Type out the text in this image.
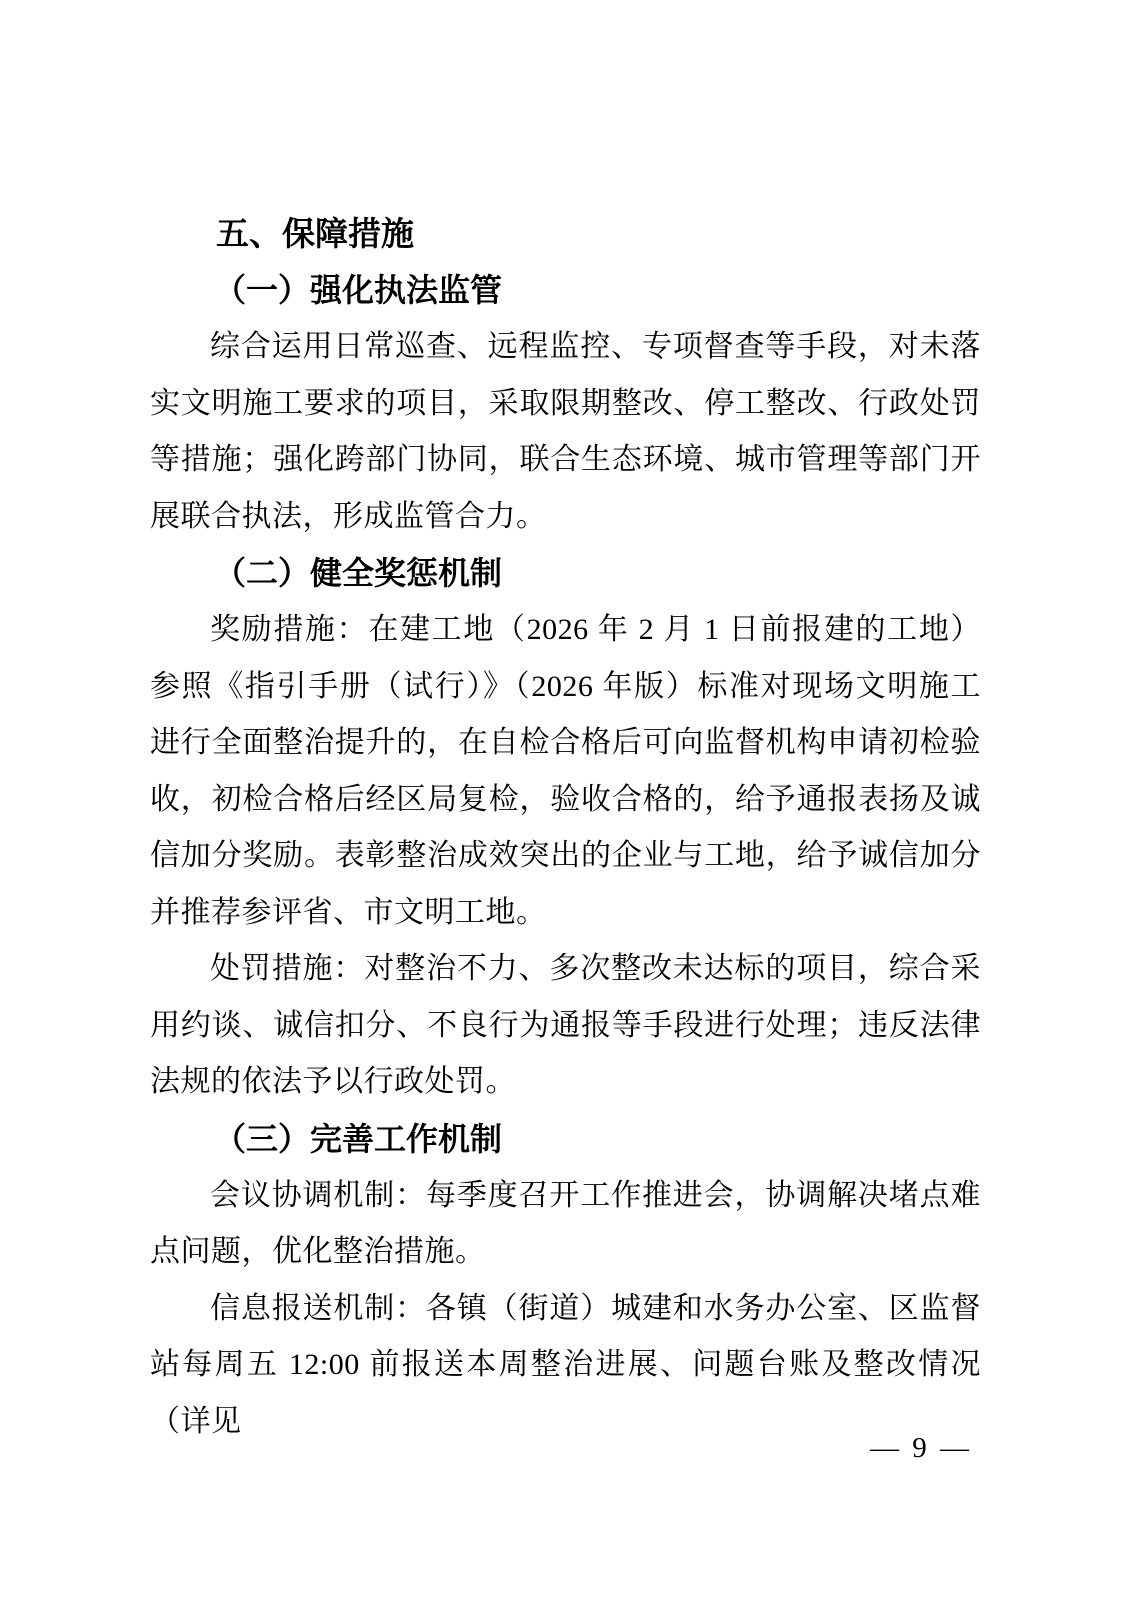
五、保障措施
（一）强化执法监管

综合运用日常巡查、远程监控、专项督查等手段，对未落实文明施工要求的项目，采取限期整改、停工整改、行政处罚等措施；强化跨部门协同，联合生态环境、城市管理等部门开展联合执法，形成监管合力。

（二）健全奖惩机制

奖励措施：在建工地（2026 年 2 月 1 日前报建的工地）参照《指引手册（试行）》（2026 年版）标准对现场文明施工进行全面整治提升的，在自检合格后可向监督机构申请初检验收，初检合格后经区局复检，验收合格的，给予通报表扬及诚信加分奖励。表彰整治成效突出的企业与工地，给予诚信加分并推荐参评省、市文明工地。

处罚措施：对整治不力、多次整改未达标的项目，综合采用约谈、诚信扣分、不良行为通报等手段进行处理；违反法律法规的依法予以行政处罚。

（三）完善工作机制

会议协调机制：每季度召开工作推进会，协调解决堵点难点问题，优化整治措施。

信息报送机制：各镇（街道）城建和水务办公室、区监督站每周五 12:00 前报送本周整治进展、问题台账及整改情况（详见

— 9 —
